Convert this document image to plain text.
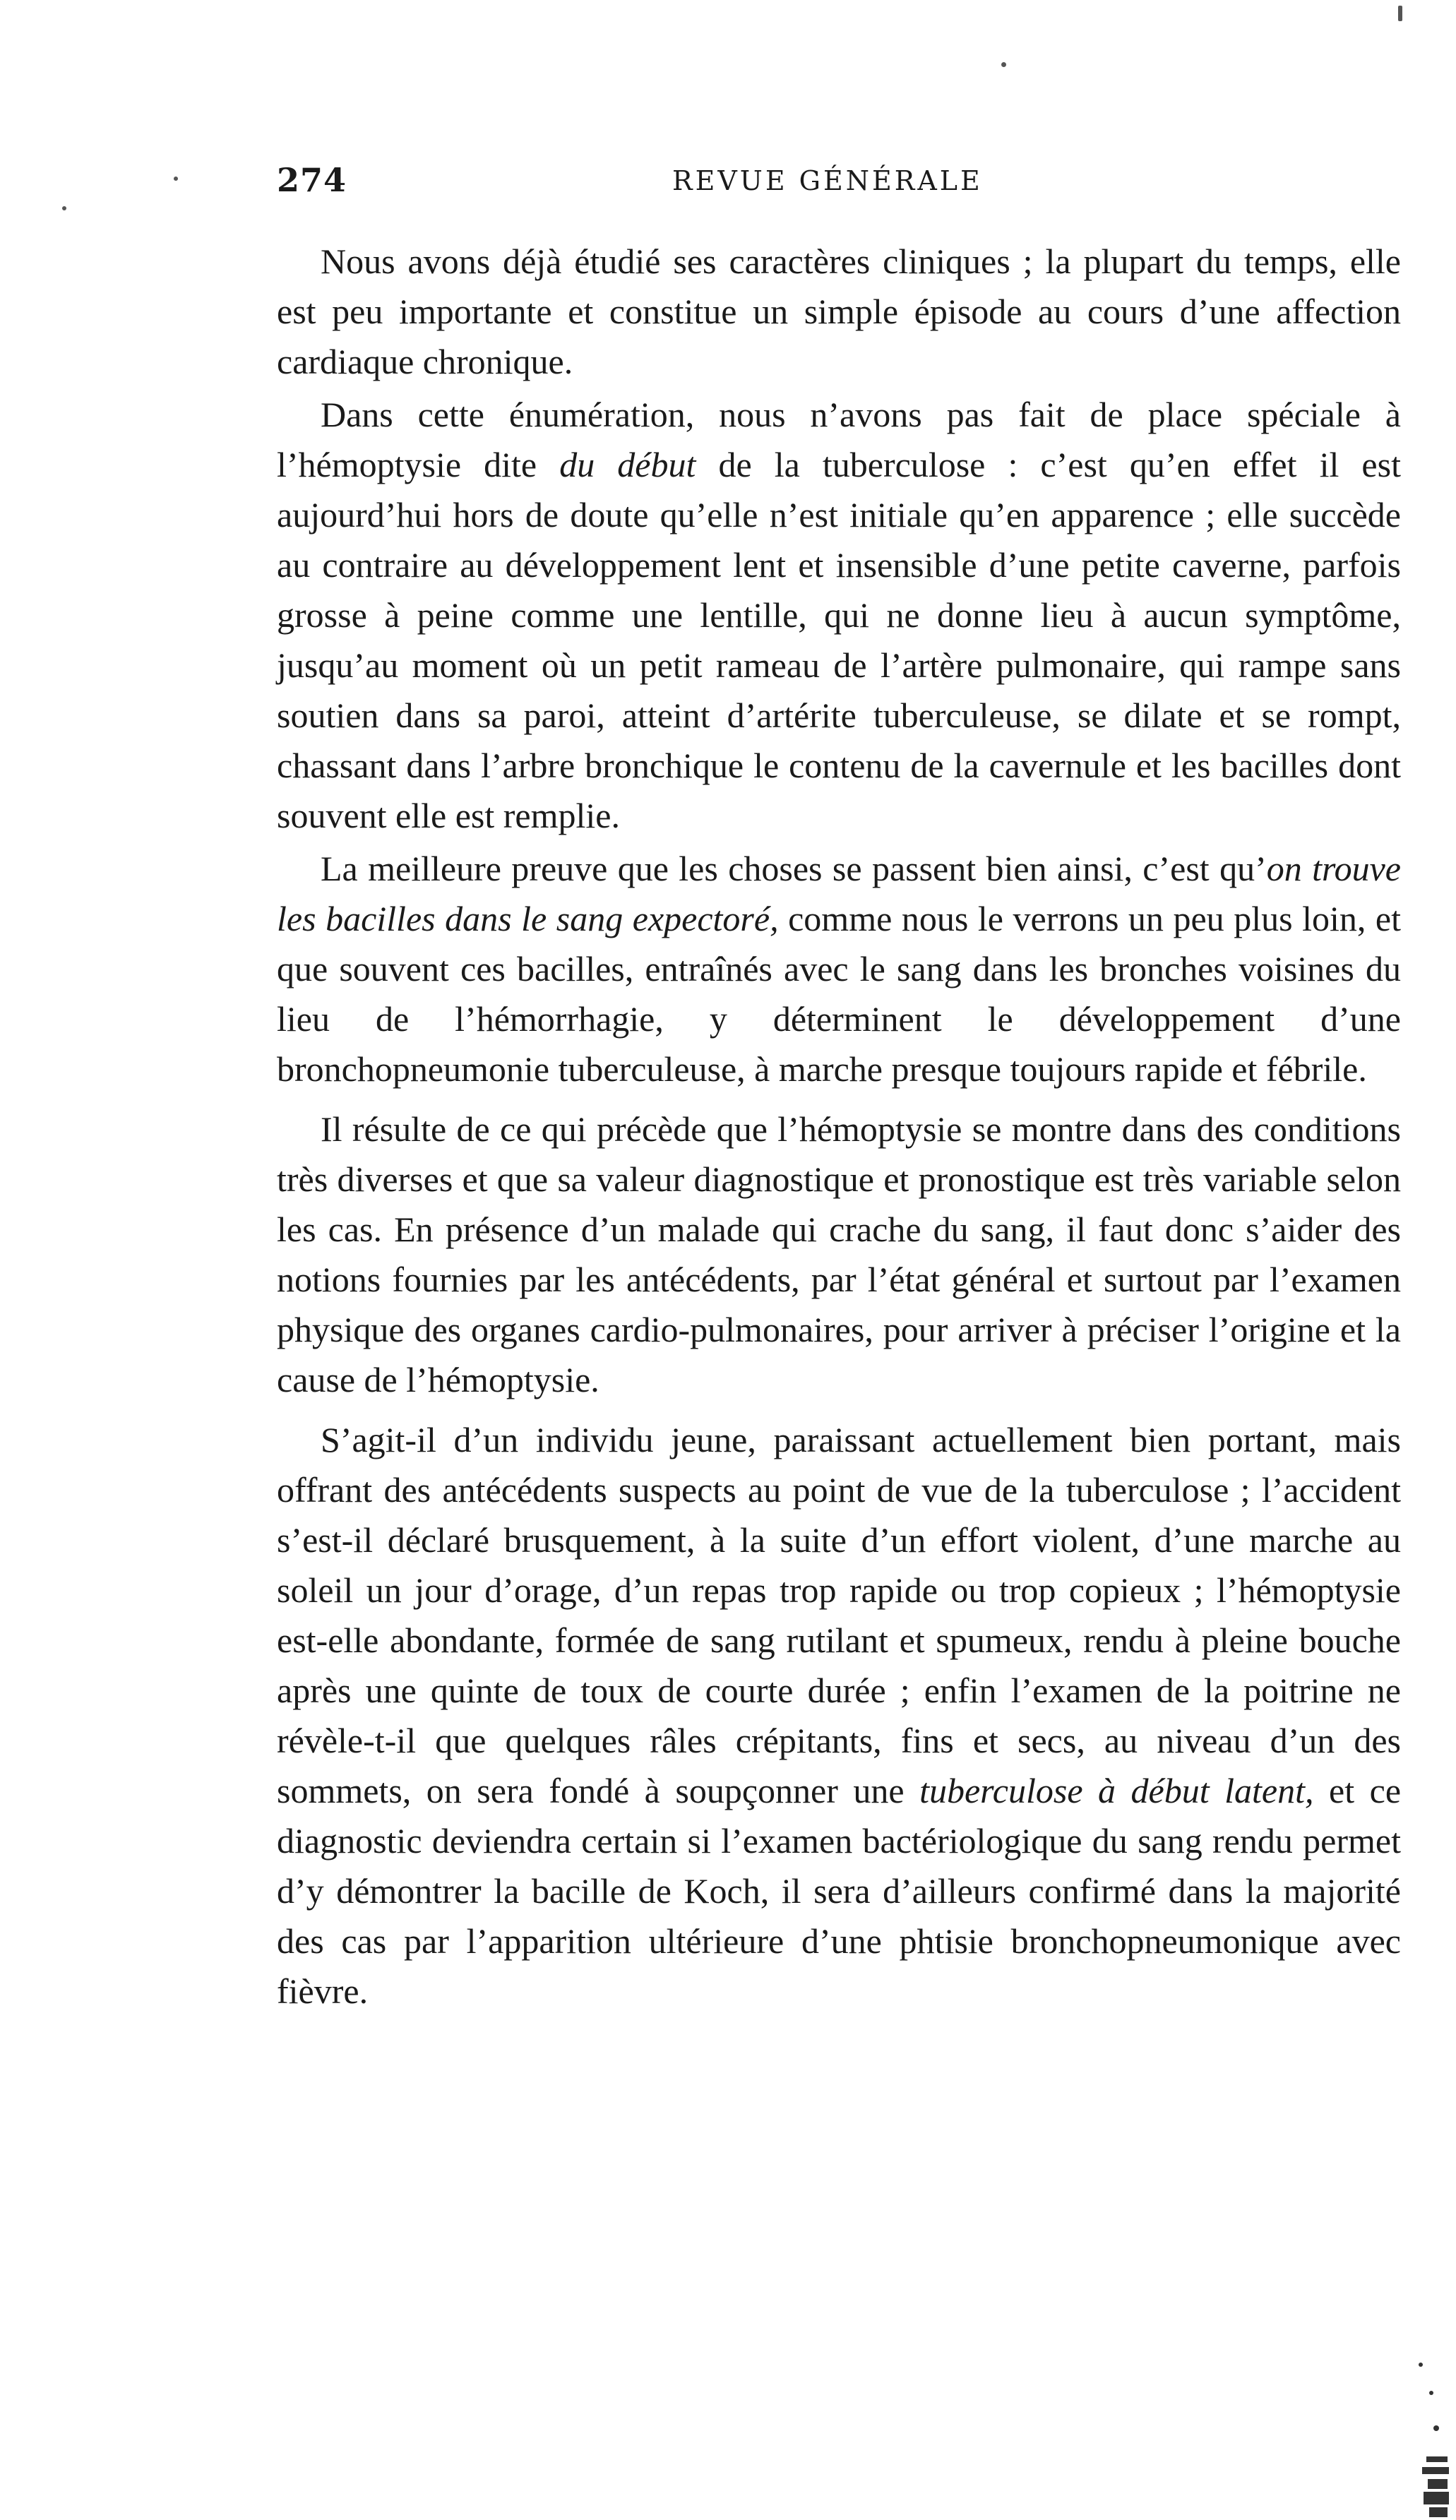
274	REVUE GÉNÉRALE

Nous avons déjà étudié ses caractères cliniques ; la plupart du temps, elle est peu importante et constitue un simple épisode au cours d’une affection cardiaque chronique.

Dans cette énumération, nous n’avons pas fait de place spéciale à l’hémoptysie dite du début de la tuberculose : c’est qu’en effet il est aujourd’hui hors de doute qu’elle n’est initiale qu’en apparence ; elle succède au contraire au développement lent et insensible d’une petite caverne, parfois grosse à peine comme une lentille, qui ne donne lieu à aucun symptôme, jusqu’au moment où un petit rameau de l’artère pulmonaire, qui rampe sans soutien dans sa paroi, atteint d’artérite tuberculeuse, se dilate et se rompt, chassant dans l’arbre bronchique le contenu de la cavernule et les bacilles dont souvent elle est remplie.

La meilleure preuve que les choses se passent bien ainsi, c’est qu’on trouve les bacilles dans le sang expectoré, comme nous le verrons un peu plus loin, et que souvent ces bacilles, entraînés avec le sang dans les bronches voisines du lieu de l’hémorrhagie, y déterminent le développement d’une bronchopneumonie tuberculeuse, à marche presque toujours rapide et fébrile.

Il résulte de ce qui précède que l’hémoptysie se montre dans des conditions très diverses et que sa valeur diagnostique et pronostique est très variable selon les cas. En présence d’un malade qui crache du sang, il faut donc s’aider des notions fournies par les antécédents, par l’état général et surtout par l’examen physique des organes cardio-pulmonaires, pour arriver à préciser l’origine et la cause de l’hémoptysie.

S’agit-il d’un individu jeune, paraissant actuellement bien portant, mais offrant des antécédents suspects au point de vue de la tuberculose ; l’accident s’est-il déclaré brusquement, à la suite d’un effort violent, d’une marche au soleil un jour d’orage, d’un repas trop rapide ou trop copieux ; l’hémoptysie est-elle abondante, formée de sang rutilant et spumeux, rendu à pleine bouche après une quinte de toux de courte durée ; enfin l’examen de la poitrine ne révèle-t-il que quelques râles crépitants, fins et secs, au niveau d’un des sommets, on sera fondé à soupçonner une tuberculose à début latent, et ce diagnostic deviendra certain si l’examen bactériologique du sang rendu permet d’y démontrer la bacille de Koch, il sera d’ailleurs confirmé dans la majorité des cas par l’apparition ultérieure d’une phtisie bronchopneumonique avec fièvre.
